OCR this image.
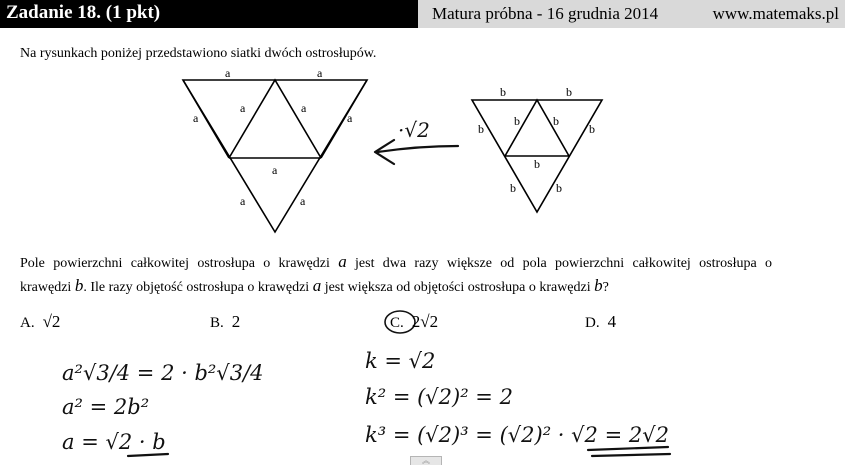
Zadanie 18. (1 pkt)	Matura próbna - 16 grudnia 2014	www.matemaks.pl
Na rysunkach poniżej przedstawiono siatki dwóch ostrosłupów.
a	a
a
a	a
a
a
a	a
b	b
b
b	b
b
b
b	b
·√2
a²√3/4 = 2 · b²√3/4
a² = 2b²
a = √2 · b
k = √2
k² = (√2)² = 2
k³ = (√2)³ = (√2)² · √2 = 2√2
Pole powierzchni całkowitej ostrosłupa o krawędzi a jest dwa razy większe od pola powierzchni całkowitej ostrosłupa o
krawędzi b. Ile razy objętość ostrosłupa o krawędzi a jest większa od objętości ostrosłupa o krawędzi b?
A. √2	B. 2	C. 2√2	D. 4
︽
